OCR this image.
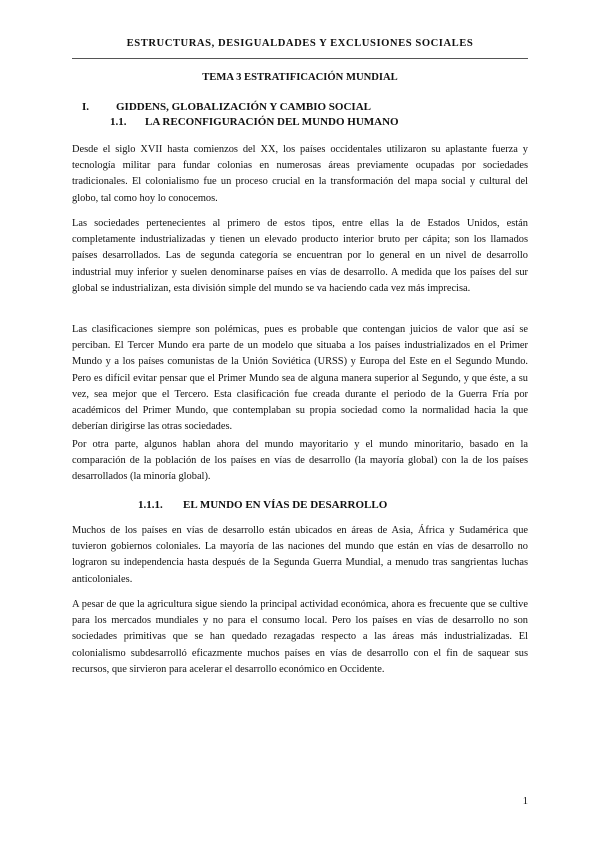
ESTRUCTURAS, DESIGUALDADES Y EXCLUSIONES SOCIALES
TEMA 3 ESTRATIFICACIÓN MUNDIAL
I. GIDDENS, GLOBALIZACIÓN Y CAMBIO SOCIAL
1.1. LA RECONFIGURACIÓN DEL MUNDO HUMANO

Desde el siglo XVII hasta comienzos del XX, los países occidentales utilizaron su aplastante fuerza y tecnología militar para fundar colonias en numerosas áreas previamente ocupadas por sociedades tradicionales. El colonialismo fue un proceso crucial en la transformación del mapa social y cultural del globo, tal como hoy lo conocemos.

Las sociedades pertenecientes al primero de estos tipos, entre ellas la de Estados Unidos, están completamente industrializadas y tienen un elevado producto interior bruto per cápita; son los llamados países desarrollados. Las de segunda categoría se encuentran por lo general en un nivel de desarrollo industrial muy inferior y suelen denominarse países en vías de desarrollo. A medida que los países del sur global se industrializan, esta división simple del mundo se va haciendo cada vez más imprecisa.

Las clasificaciones siempre son polémicas, pues es probable que contengan juicios de valor que así se perciban. El Tercer Mundo era parte de un modelo que situaba a los países industrializados en el Primer Mundo y a los países comunistas de la Unión Soviética (URSS) y Europa del Este en el Segundo Mundo. Pero es difícil evitar pensar que el Primer Mundo sea de alguna manera superior al Segundo, y que éste, a su vez, sea mejor que el Tercero. Esta clasificación fue creada durante el periodo de la Guerra Fría por académicos del Primer Mundo, que contemplaban su propia sociedad como la normalidad hacia la que deberían dirigirse las otras sociedades.

Por otra parte, algunos hablan ahora del mundo mayoritario y el mundo minoritario, basado en la comparación de la población de los países en vías de desarrollo (la mayoría global) con la de los países desarrollados (la minoría global).

1.1.1. EL MUNDO EN VÍAS DE DESARROLLO

Muchos de los países en vías de desarrollo están ubicados en áreas de Asia, África y Sudamérica que tuvieron gobiernos coloniales. La mayoría de las naciones del mundo que están en vías de desarrollo no lograron su independencia hasta después de la Segunda Guerra Mundial, a menudo tras sangrientas luchas anticoloniales.

A pesar de que la agricultura sigue siendo la principal actividad económica, ahora es frecuente que se cultive para los mercados mundiales y no para el consumo local. Pero los países en vías de desarrollo no son sociedades primitivas que se han quedado rezagadas respecto a las áreas más industrializadas. El colonialismo subdesarrolló eficazmente muchos países en vías de desarrollo con el fin de saquear sus recursos, que sirvieron para acelerar el desarrollo económico en Occidente.

1
